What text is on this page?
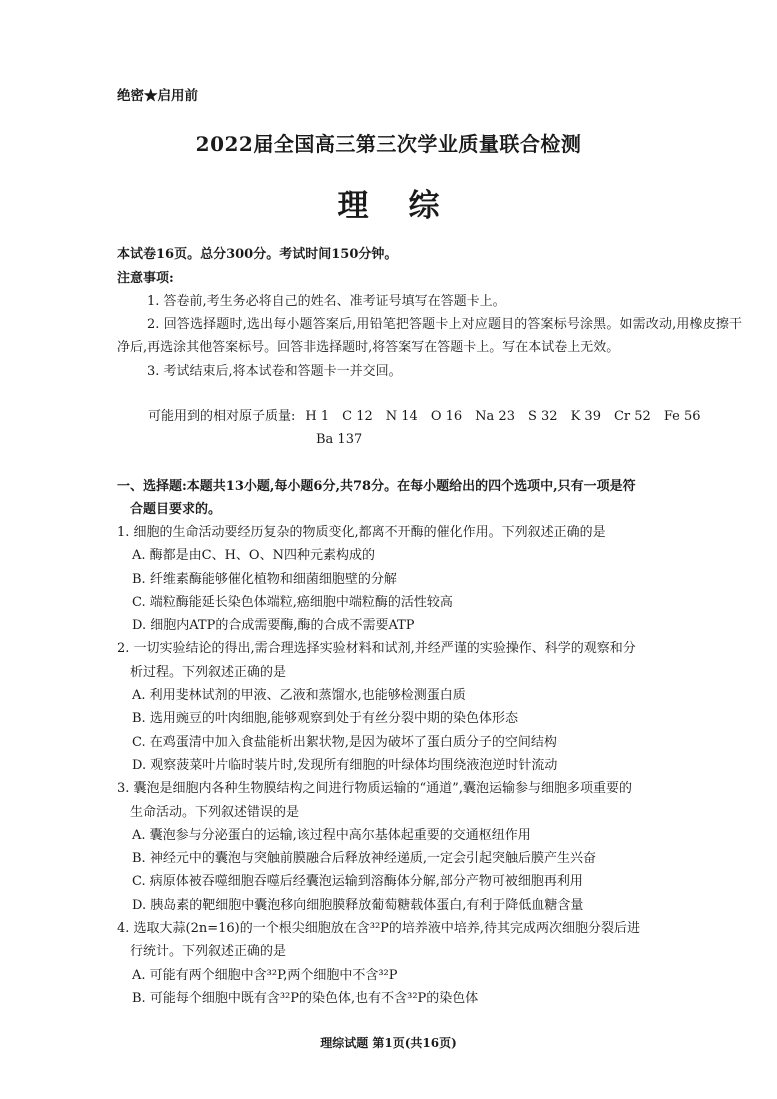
绝密★启用前
2022届全国高三第三次学业质量联合检测
理综
本试卷16页。总分300分。考试时间150分钟。
注意事项:

1. 答卷前,考生务必将自己的姓名、准考证号填写在答题卡上。

2. 回答选择题时,选出每小题答案后,用铅笔把答题卡上对应题目的答案标号涂黑。如需改动,用橡皮擦干净后,再选涂其他答案标号。回答非选择题时,将答案写在答题卡上。写在本试卷上无效。

3. 考试结束后,将本试卷和答题卡一并交回。

可能用到的相对原子质量: H 1 C 12 N 14 O 16 Na 23 S 32 K 39 Cr 52 Fe 56
Ba 137
一、选择题:本题共13小题,每小题6分,共78分。在每小题给出的四个选项中,只有一项是符
合题目要求的。

1. 细胞的生命活动要经历复杂的物质变化,都离不开酶的催化作用。下列叙述正确的是

A. 酶都是由C、H、O、N四种元素构成的

B. 纤维素酶能够催化植物和细菌细胞壁的分解

C. 端粒酶能延长染色体端粒,癌细胞中端粒酶的活性较高

D. 细胞内ATP的合成需要酶,酶的合成不需要ATP

2. 一切实验结论的得出,需合理选择实验材料和试剂,并经严谨的实验操作、科学的观察和分

析过程。下列叙述正确的是

A. 利用斐林试剂的甲液、乙液和蒸馏水,也能够检测蛋白质

B. 选用豌豆的叶肉细胞,能够观察到处于有丝分裂中期的染色体形态

C. 在鸡蛋清中加入食盐能析出絮状物,是因为破坏了蛋白质分子的空间结构

D. 观察菠菜叶片临时装片时,发现所有细胞的叶绿体均围绕液泡逆时针流动

3. 囊泡是细胞内各种生物膜结构之间进行物质运输的“通道”,囊泡运输参与细胞多项重要的

生命活动。下列叙述错误的是

A. 囊泡参与分泌蛋白的运输,该过程中高尔基体起重要的交通枢纽作用

B. 神经元中的囊泡与突触前膜融合后释放神经递质,一定会引起突触后膜产生兴奋

C. 病原体被吞噬细胞吞噬后经囊泡运输到溶酶体分解,部分产物可被细胞再利用

D. 胰岛素的靶细胞中囊泡移向细胞膜释放葡萄糖载体蛋白,有利于降低血糖含量

4. 选取大蒜(2n=16)的一个根尖细胞放在含³²P的培养液中培养,待其完成两次细胞分裂后进

行统计。下列叙述正确的是

A. 可能有两个细胞中含³²P,两个细胞中不含³²P

B. 可能每个细胞中既有含³²P的染色体,也有不含³²P的染色体

理综试题 第1页(共16页)
